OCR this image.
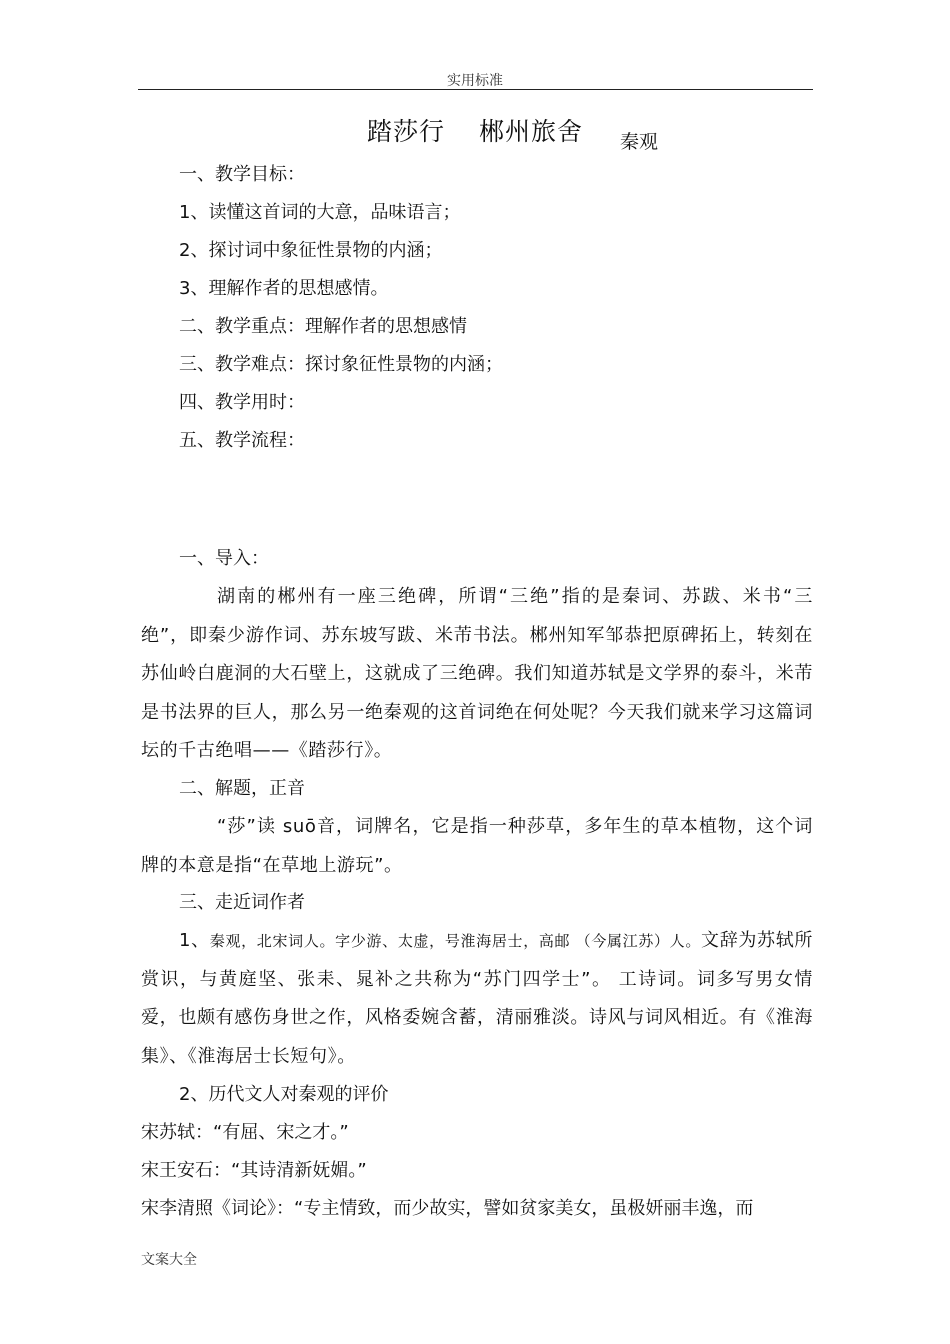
实用标准
踏莎行 郴州旅舍	秦观
一、教学目标：
1、读懂这首词的大意，品味语言；
2、探讨词中象征性景物的内涵；
3、理解作者的思想感情。
二、教学重点：理解作者的思想感情
三、教学难点：探讨象征性景物的内涵；
四、教学用时：
五、教学流程：
一、导入：
湖南的郴州有一座三绝碑，所谓“三绝”指的是秦词、苏跋、米书“三绝”，即秦少游作词、苏东坡写跋、米芾书法。郴州知军邹恭把原碑拓上，转刻在苏仙岭白鹿洞的大石壁上，这就成了三绝碑。我们知道苏轼是文学界的泰斗，米芾是书法界的巨人，那么另一绝秦观的这首词绝在何处呢？今天我们就来学习这篇词坛的千古绝唱——《踏莎行》。
二、解题，正音
“莎”读 suō音，词牌名，它是指一种莎草，多年生的草本植物，这个词牌的本意是指“在草地上游玩”。
三、走近词作者
1、秦观，北宋词人。字少游、太虚，号淮海居士，高邮 （今属江苏）人。文辞为苏轼所赏识，与黄庭坚、张耒、晁补之共称为“苏门四学士”。 工诗词。词多写男女情爱，也颇有感伤身世之作，风格委婉含蓄，清丽雅淡。诗风与词风相近。有《淮海集》、《淮海居士长短句》。
2、历代文人对秦观的评价
宋苏轼：“有屈、宋之才。”
宋王安石：“其诗清新妩媚。”
宋李清照《词论》：“专主情致，而少故实，譬如贫家美女，虽极妍丽丰逸，而
文案大全
